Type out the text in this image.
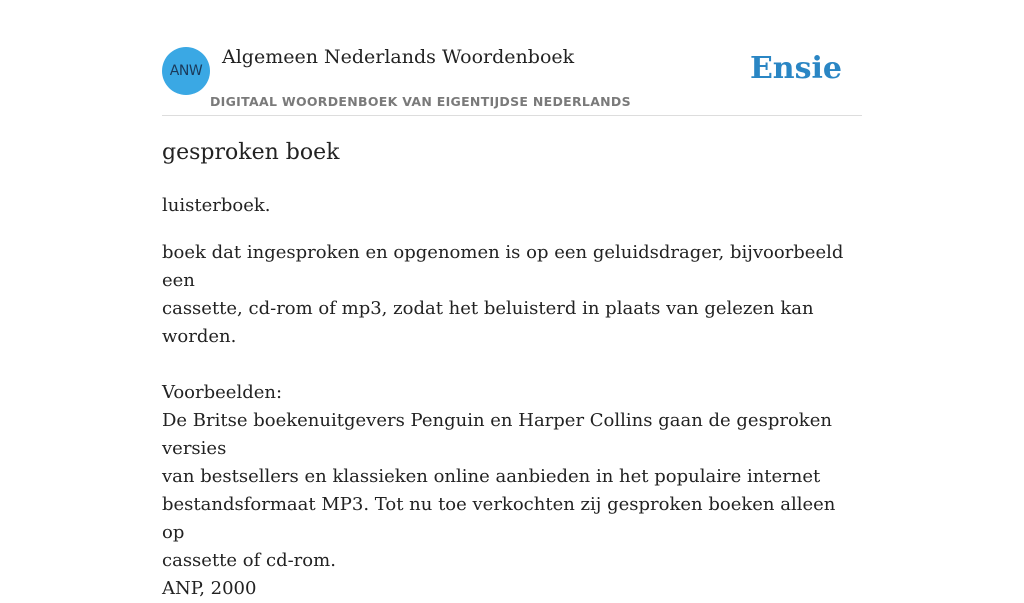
ANW
Algemeen Nederlands Woordenboek
DIGITAAL WOORDENBOEK VAN EIGENTIJDSE NEDERLANDS
Ensie
gesproken boek
luisterboek.

boek dat ingesproken en opgenomen is op een geluidsdrager, bijvoorbeeld een

cassette, cd-rom of mp3, zodat het beluisterd in plaats van gelezen kan worden.

Voorbeelden:

De Britse boekenuitgevers Penguin en Harper Collins gaan de gesproken versies

van bestsellers en klassieken online aanbieden in het populaire internet

bestandsformaat MP3. Tot nu toe verkochten zij gesproken boeken alleen op

cassette of cd-rom.

ANP, 2000
